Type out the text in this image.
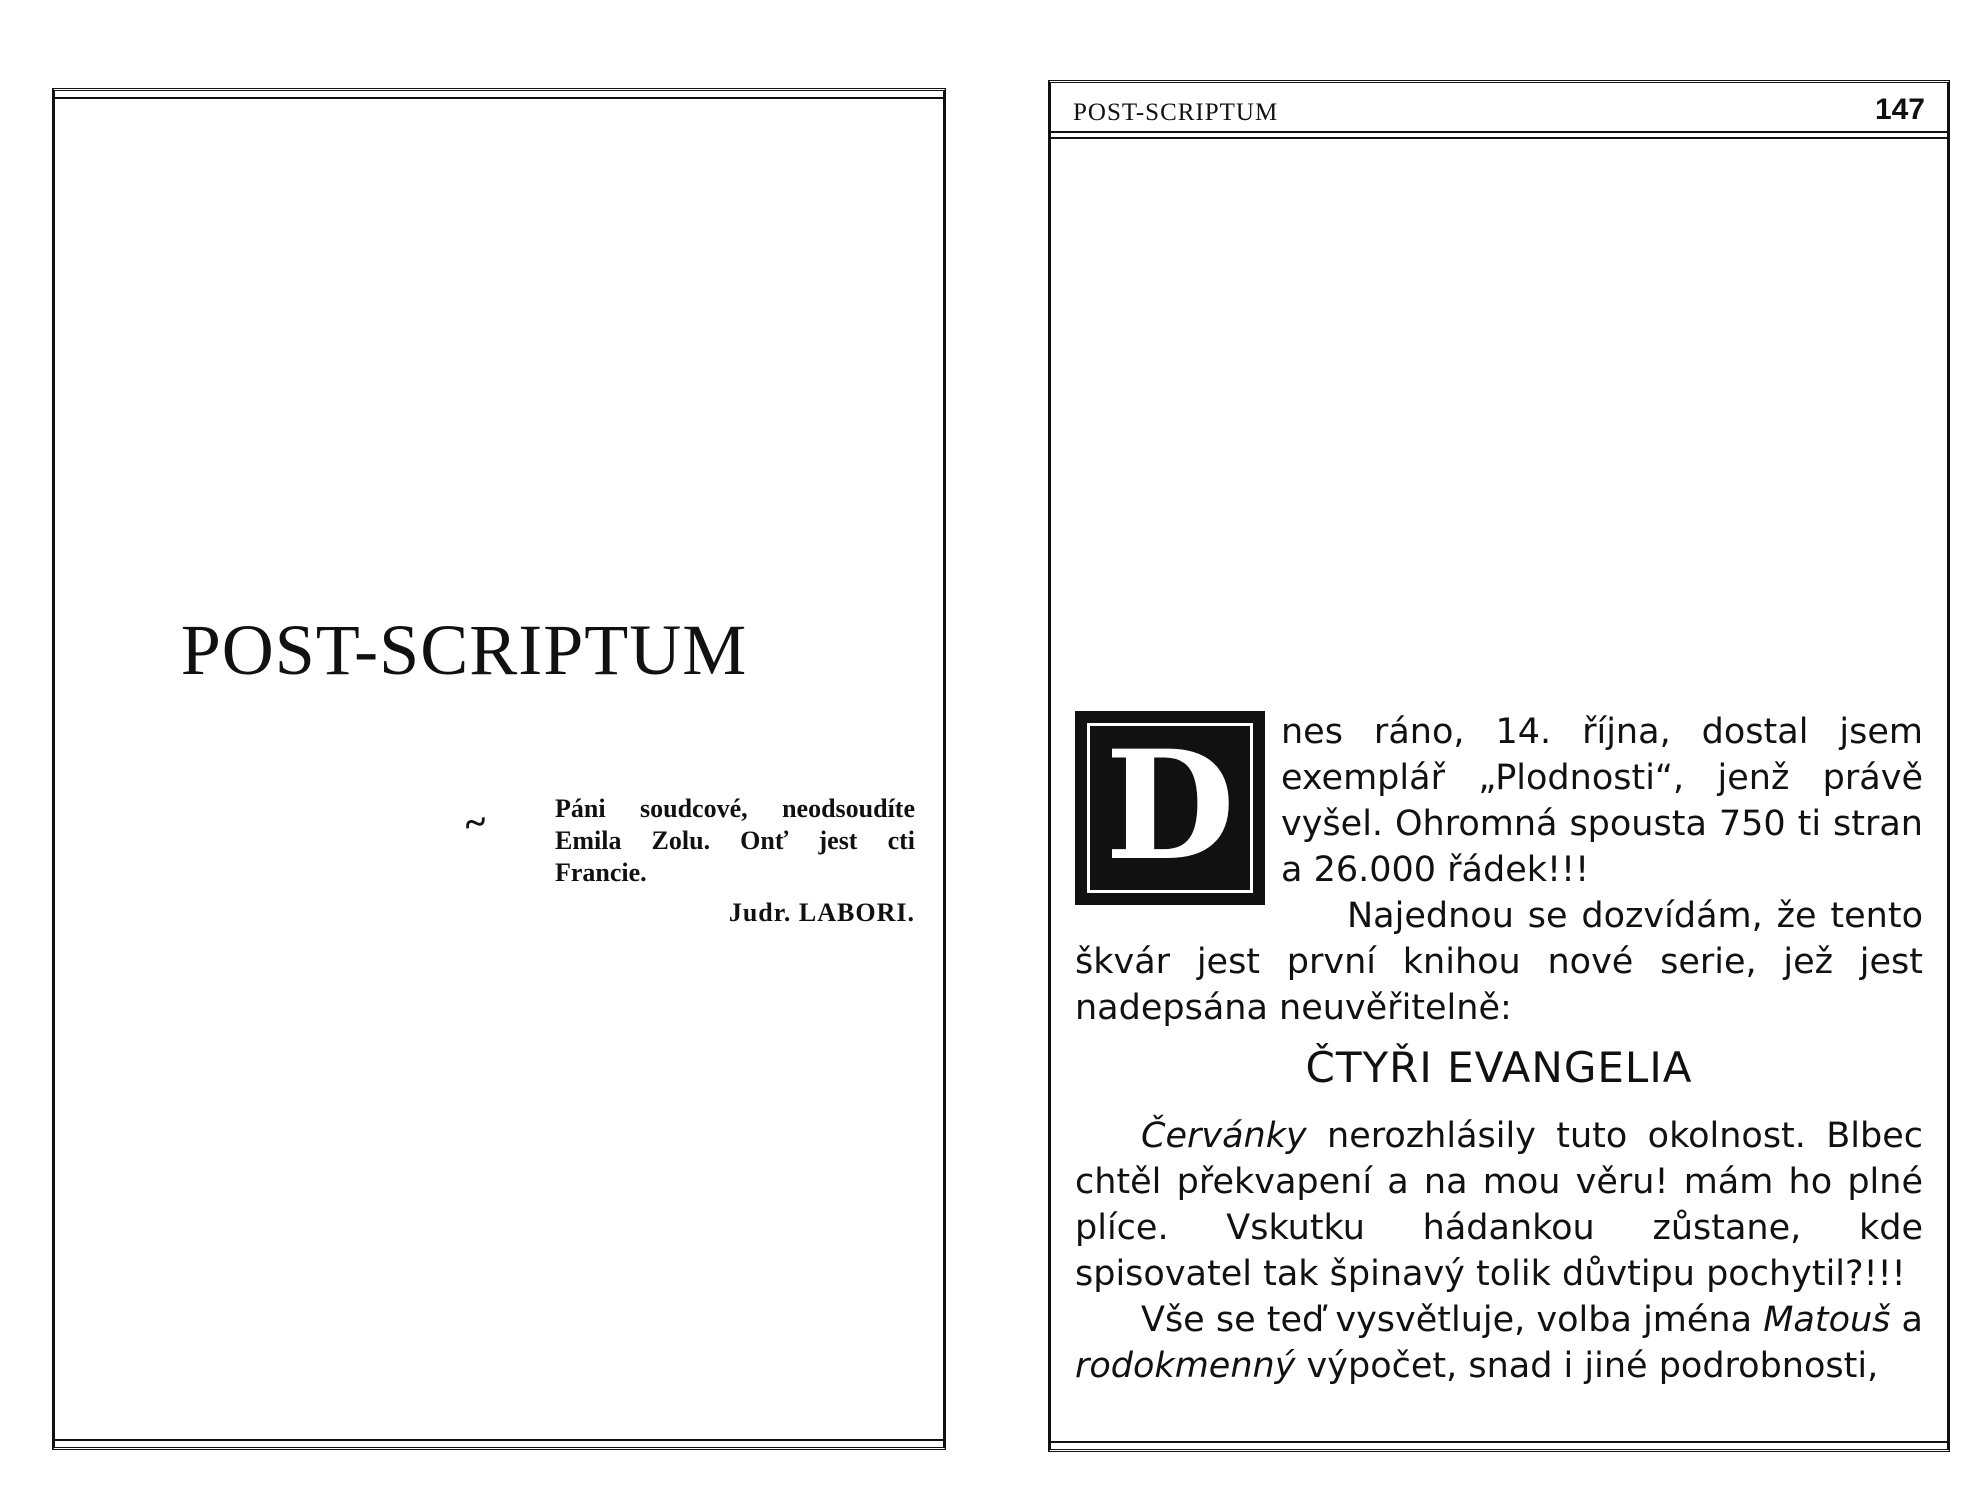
POST-SCRIPTUM
~ Páni soudcové, neodsoudíte Emila Zolu. Onť jest cti Francie.
Judr. LABORI.
POST-SCRIPTUM	147
D	nes ráno, 14. října, dostal jsem exemplář „Plodnosti“, jenž právě vyšel. Ohromná spousta 750 ti stran a 26.000 řádek!!!

Najednou se dozvídám, že tento škvár jest první knihou nové serie, jež jest nadepsána neuvěřitelně:

ČTYŘI EVANGELIA

Červánky nerozhlásily tuto okolnost. Blbec chtěl překvapení a na mou věru! mám ho plné plíce. Vskutku hádankou zůstane, kde spisovatel tak špinavý tolik důvtipu pochytil?!!!

Vše se teď vysvětluje, volba jména Matouš a rodokmenný výpočet, snad i jiné podrobnosti,
